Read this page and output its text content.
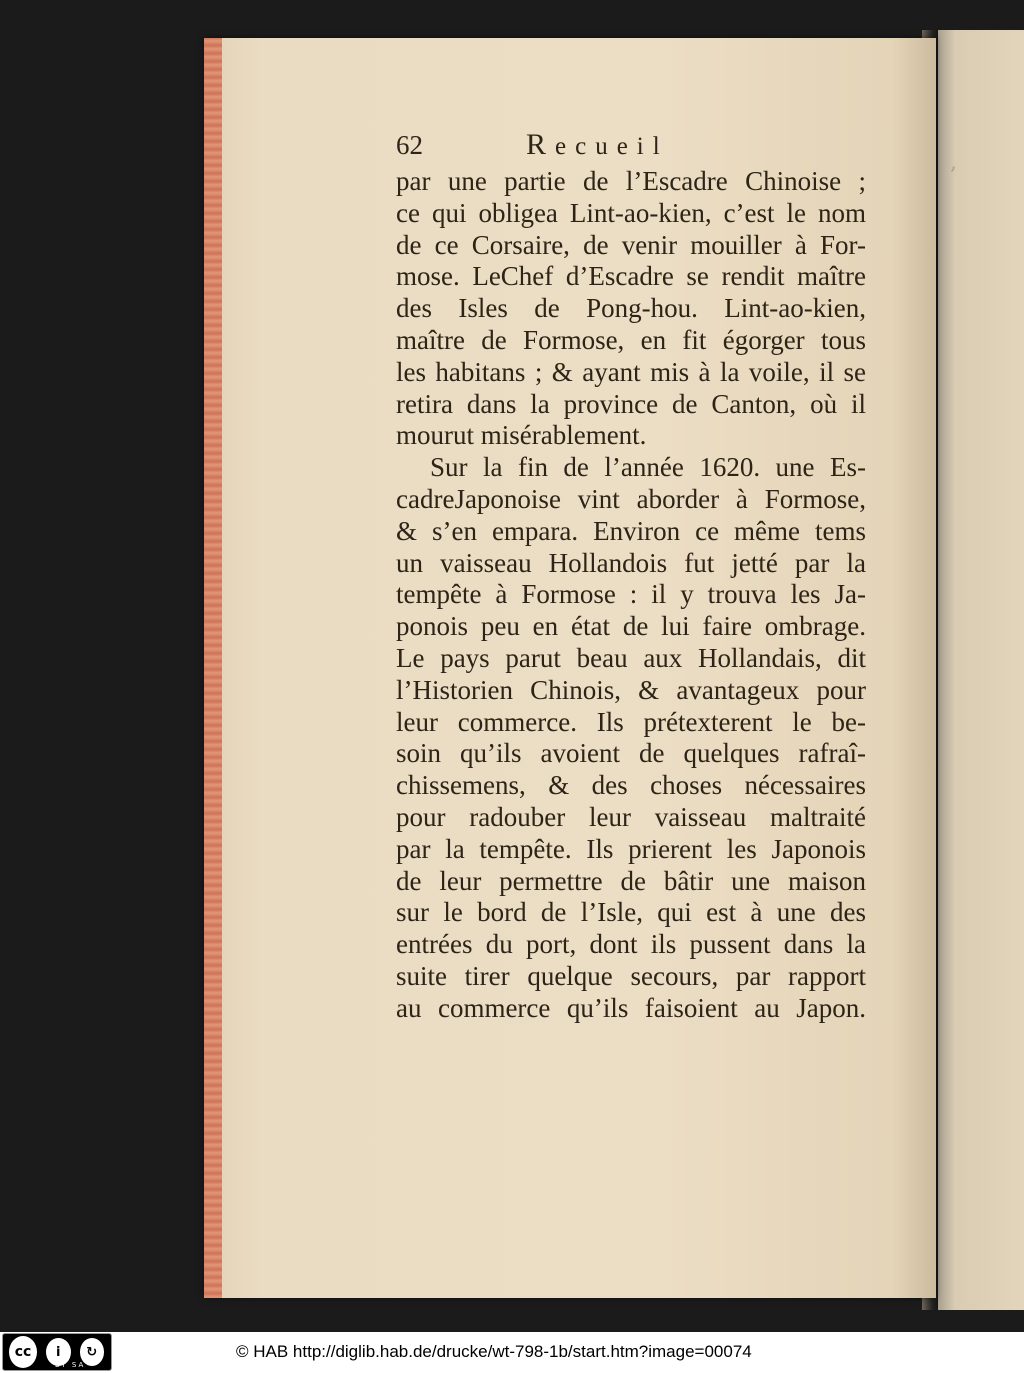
,
62	Recueil
par une partie de l’Escadre Chinoise ;
ce qui obligea Lint-ao-kien, c’est le nom
de ce Corsaire, de venir mouiller à For-
mose. LeChef d’Escadre se rendit maître
des Isles de Pong-hou. Lint-ao-kien,
maître de Formose, en fit égorger tous
les habitans ; & ayant mis à la voile, il se
retira dans la province de Canton, où il
mourut misérablement.
Sur la fin de l’année 1620. une Es-
cadreJaponoise vint aborder à Formose,
& s’en empara. Environ ce même tems
un vaisseau Hollandois fut jetté par la
tempête à Formose : il y trouva les Ja-
ponois peu en état de lui faire ombrage.
Le pays parut beau aux Hollandais, dit
l’Historien Chinois, & avantageux pour
leur commerce. Ils prétexterent le be-
soin qu’ils avoient de quelques rafraî-
chissemens, & des choses nécessaires
pour radouber leur vaisseau maltraité
par la tempête. Ils prierent les Japonois
de leur permettre de bâtir une maison
sur le bord de l’Isle, qui est à une des
entrées du port, dont ils pussent dans la
suite tirer quelque secours, par rapport
au commerce qu’ils faisoient au Japon.
cc	i	↻
BY SA
© HAB http://diglib.hab.de/drucke/wt-798-1b/start.htm?image=00074
